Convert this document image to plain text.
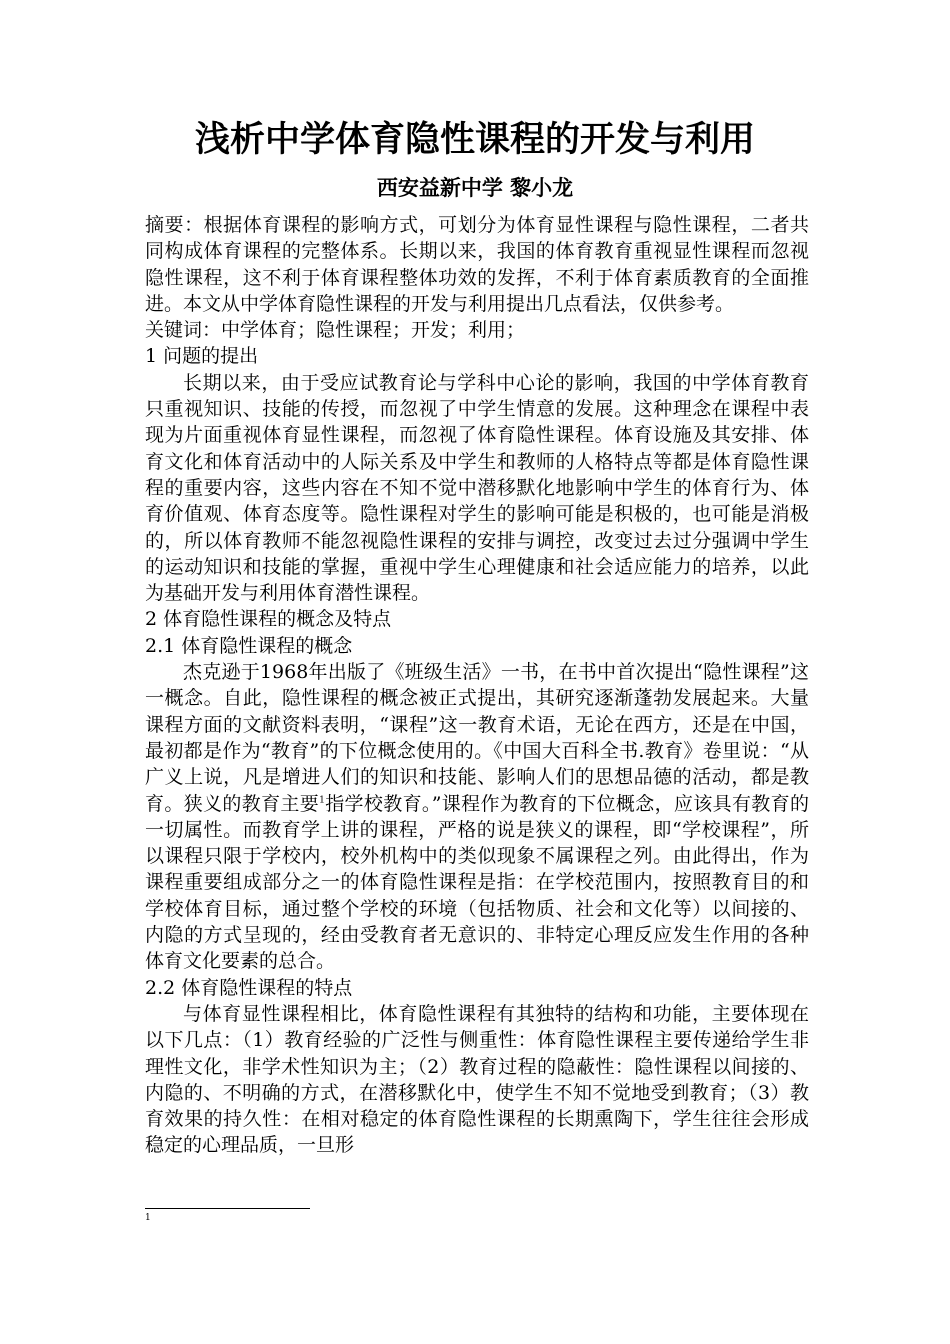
浅析中学体育隐性课程的开发与利用
西安益新中学 黎小龙

摘要：根据体育课程的影响方式，可划分为体育显性课程与隐性课程，二者共同构成体育课程的完整体系。长期以来，我国的体育教育重视显性课程而忽视隐性课程，这不利于体育课程整体功效的发挥，不利于体育素质教育的全面推进。本文从中学体育隐性课程的开发与利用提出几点看法，仅供参考。

关键词：中学体育；隐性课程；开发；利用；

1 问题的提出

长期以来，由于受应试教育论与学科中心论的影响，我国的中学体育教育只重视知识、技能的传授，而忽视了中学生情意的发展。这种理念在课程中表现为片面重视体育显性课程，而忽视了体育隐性课程。体育设施及其安排、体育文化和体育活动中的人际关系及中学生和教师的人格特点等都是体育隐性课程的重要内容，这些内容在不知不觉中潜移默化地影响中学生的体育行为、体育价值观、体育态度等。隐性课程对学生的影响可能是积极的，也可能是消极的，所以体育教师不能忽视隐性课程的安排与调控，改变过去过分强调中学生的运动知识和技能的掌握，重视中学生心理健康和社会适应能力的培养，以此为基础开发与利用体育潜性课程。

2 体育隐性课程的概念及特点

2.1 体育隐性课程的概念

杰克逊于1968年出版了《班级生活》一书，在书中首次提出“隐性课程”这一概念。自此，隐性课程的概念被正式提出，其研究逐渐蓬勃发展起来。大量课程方面的文献资料表明，“课程”这一教育术语，无论在西方，还是在中国，最初都是作为“教育”的下位概念使用的。《中国大百科全书.教育》卷里说：“从广义上说，凡是增进人们的知识和技能、影响人们的思想品德的活动，都是教育。狭义的教育主要$^1$指学校教育。”课程作为教育的下位概念，应该具有教育的一切属性。而教育学上讲的课程，严格的说是狭义的课程，即“学校课程”，所以课程只限于学校内，校外机构中的类似现象不属课程之列。由此得出，作为课程重要组成部分之一的体育隐性课程是指：在学校范围内，按照教育目的和学校体育目标，通过整个学校的环境（包括物质、社会和文化等）以间接的、内隐的方式呈现的，经由受教育者无意识的、非特定心理反应发生作用的各种体育文化要素的总合。

2.2 体育隐性课程的特点

与体育显性课程相比，体育隐性课程有其独特的结构和功能，主要体现在以下几点：（1）教育经验的广泛性与侧重性：体育隐性课程主要传递给学生非理性文化，非学术性知识为主；（2）教育过程的隐蔽性：隐性课程以间接的、内隐的、不明确的方式，在潜移默化中，使学生不知不觉地受到教育；（3）教育效果的持久性：在相对稳定的体育隐性课程的长期熏陶下，学生往往会形成稳定的心理品质，一旦形

1
